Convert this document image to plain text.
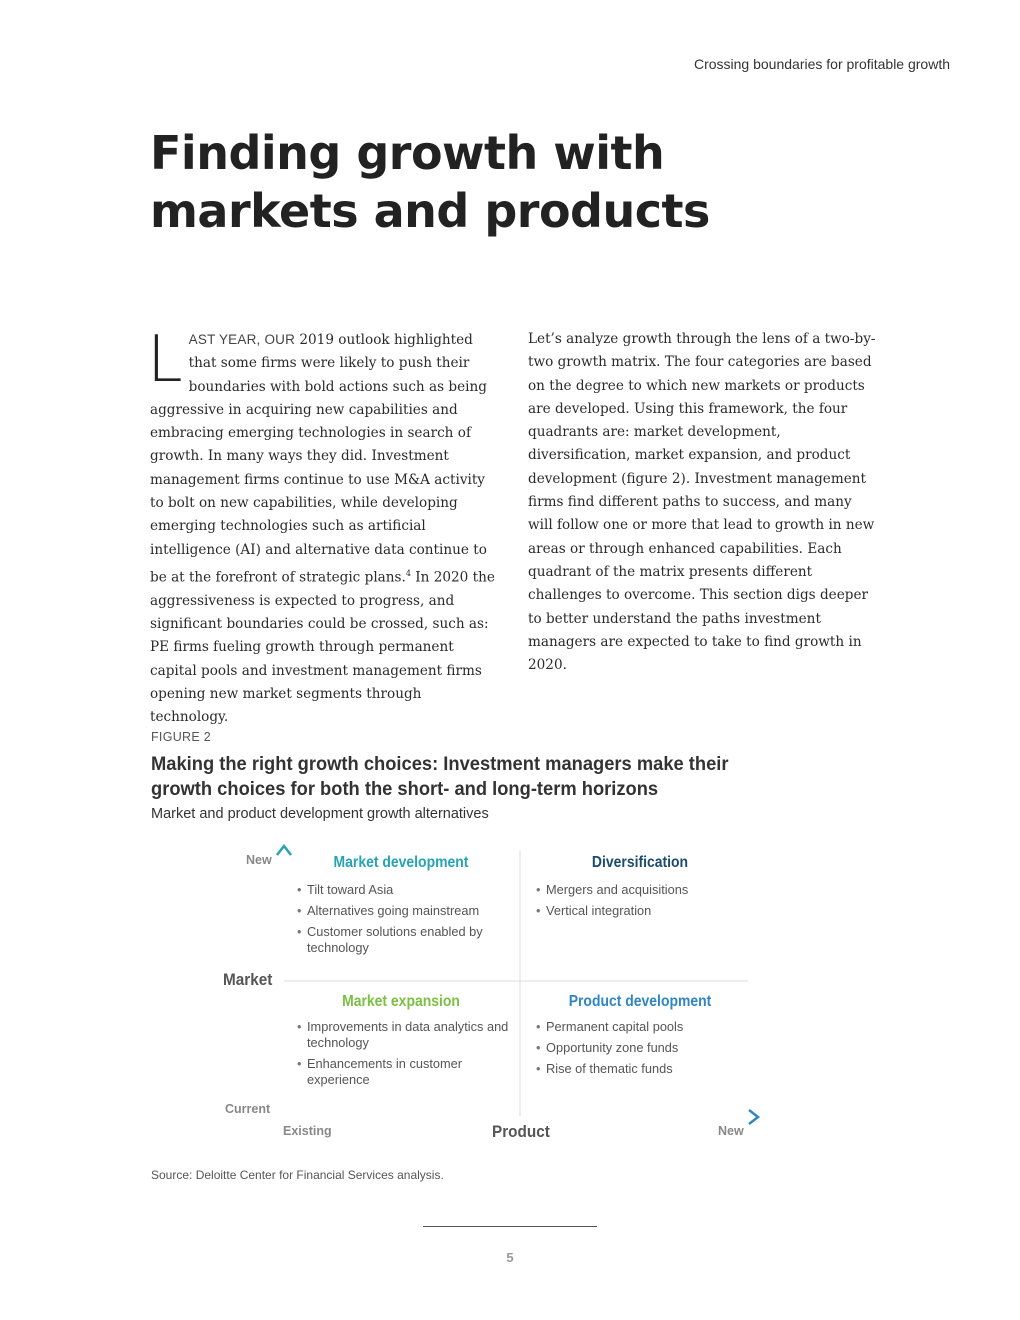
Crossing boundaries for profitable growth
Finding growth with markets and products

LAST YEAR, OUR 2019 outlook highlighted that some firms were likely to push their boundaries with bold actions such as being aggressive in acquiring new capabilities and embracing emerging technologies in search of growth. In many ways they did. Investment management firms continue to use M&A activity to bolt on new capabilities, while developing emerging technologies such as artificial intelligence (AI) and alternative data continue to be at the forefront of strategic plans.$^4$ In 2020 the aggressiveness is expected to progress, and significant boundaries could be crossed, such as: PE firms fueling growth through permanent capital pools and investment management firms opening new market segments through technology.

Let’s analyze growth through the lens of a two-by-two growth matrix. The four categories are based on the degree to which new markets or products are developed. Using this framework, the four quadrants are: market development, diversification, market expansion, and product development (figure 2). Investment management firms find different paths to success, and many will follow one or more that lead to growth in new areas or through enhanced capabilities. Each quadrant of the matrix presents different challenges to overcome. This section digs deeper to better understand the paths investment managers are expected to take to find growth in 2020.

FIGURE 2
Making the right growth choices: Investment managers make their growth choices for both the short- and long-term horizons
Market and product development growth alternatives
Market development
• Tilt toward Asia
• Alternatives going mainstream
• Customer solutions enabled by technology
Diversification
• Mergers and acquisitions
• Vertical integration
Market expansion
• Improvements in data analytics and technology
• Enhancements in customer experience
Product development
• Permanent capital pools
• Opportunity zone funds
• Rise of thematic funds
New
Market
Current
Existing	Product	New
Source: Deloitte Center for Financial Services analysis.
5
